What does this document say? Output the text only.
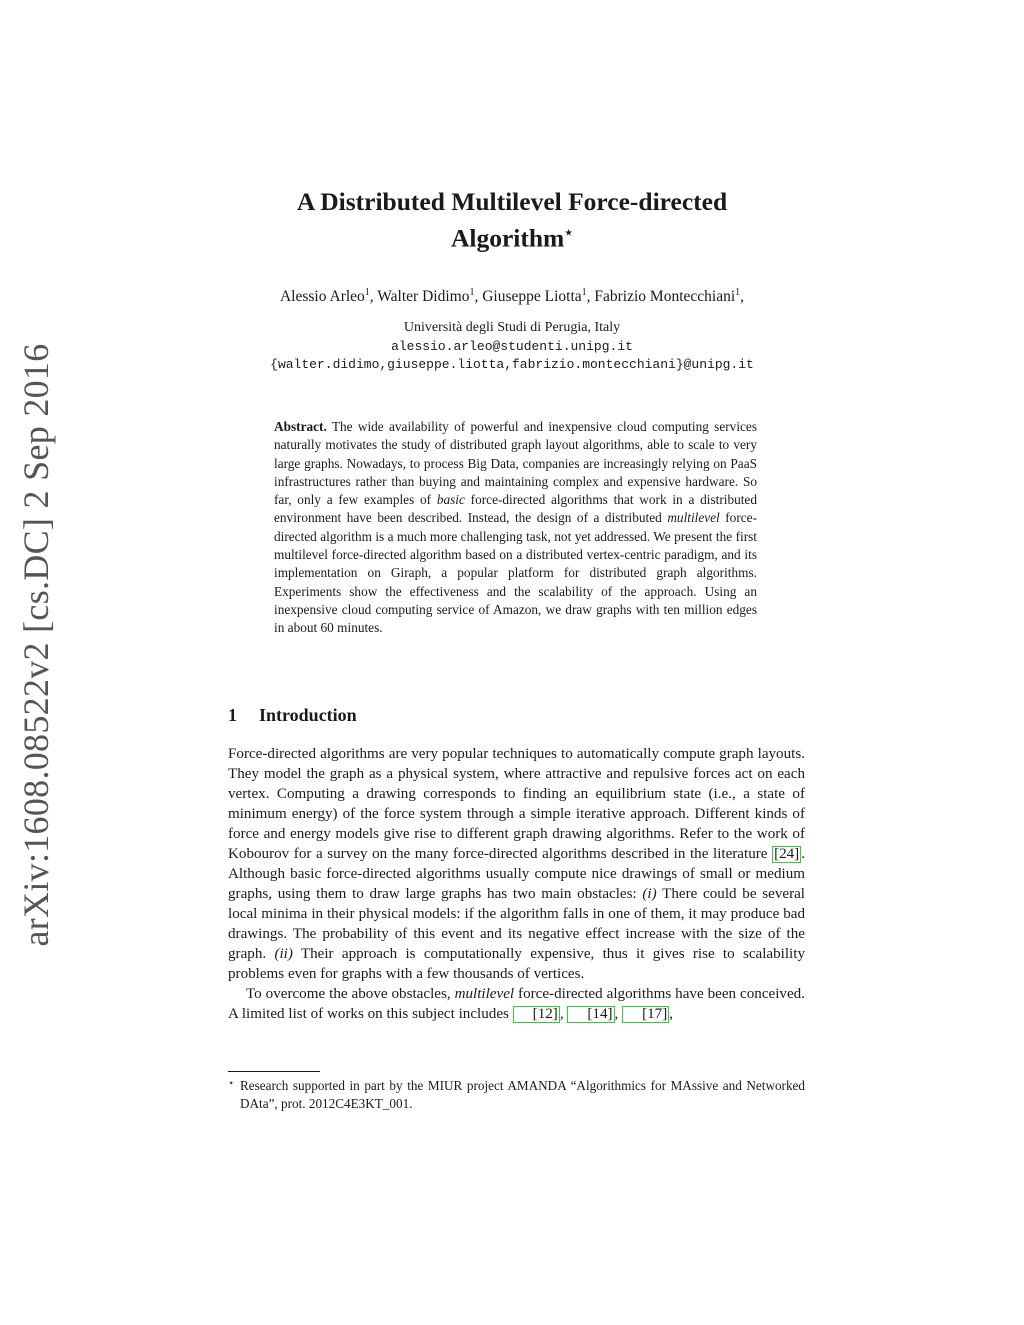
arXiv:1608.08522v2 [cs.DC] 2 Sep 2016
A Distributed Multilevel Force-directed
Algorithm⋆
Alessio Arleo$^1$, Walter Didimo$^1$, Giuseppe Liotta$^1$, Fabrizio Montecchiani$^1$,
Università degli Studi di Perugia, Italy
alessio.arleo@studenti.unipg.it
{walter.didimo,giuseppe.liotta,fabrizio.montecchiani}@unipg.it
Abstract. The wide availability of powerful and inexpensive cloud computing services naturally motivates the study of distributed graph layout algorithms, able to scale to very large graphs. Nowadays, to process Big Data, companies are increasingly relying on PaaS infrastructures rather than buying and maintaining complex and expensive hardware. So far, only a few examples of basic force-directed algorithms that work in a distributed environment have been described. Instead, the design of a distributed multilevel force-directed algorithm is a much more challenging task, not yet addressed. We present the first multilevel force-directed algorithm based on a distributed vertex-centric paradigm, and its implementation on Giraph, a popular platform for distributed graph algorithms. Experiments show the effectiveness and the scalability of the approach. Using an inexpensive cloud computing service of Amazon, we draw graphs with ten million edges in about 60 minutes.
1 Introduction

Force-directed algorithms are very popular techniques to automatically compute graph layouts. They model the graph as a physical system, where attractive and repulsive forces act on each vertex. Computing a drawing corresponds to finding an equilibrium state (i.e., a state of minimum energy) of the force system through a simple iterative approach. Different kinds of force and energy models give rise to different graph drawing algorithms. Refer to the work of Kobourov for a survey on the many force-directed algorithms described in the literature [24] . Although basic force-directed algorithms usually compute nice drawings of small or medium graphs, using them to draw large graphs has two main obstacles: (i) There could be several local minima in their physical models: if the algorithm falls in one of them, it may produce bad drawings. The probability of this event and its negative effect increase with the size of the graph. (ii) Their approach is computationally expensive, thus it gives rise to scalability problems even for graphs with a few thousands of vertices.

To overcome the above obstacles, multilevel force-directed algorithms have been conceived. A limited list of works on this subject includes [12] , [14] , [17] ,

⋆ Research supported in part by the MIUR project AMANDA “Algorithmics for MAssive and Networked DAta”, prot. 2012C4E3KT_001.
